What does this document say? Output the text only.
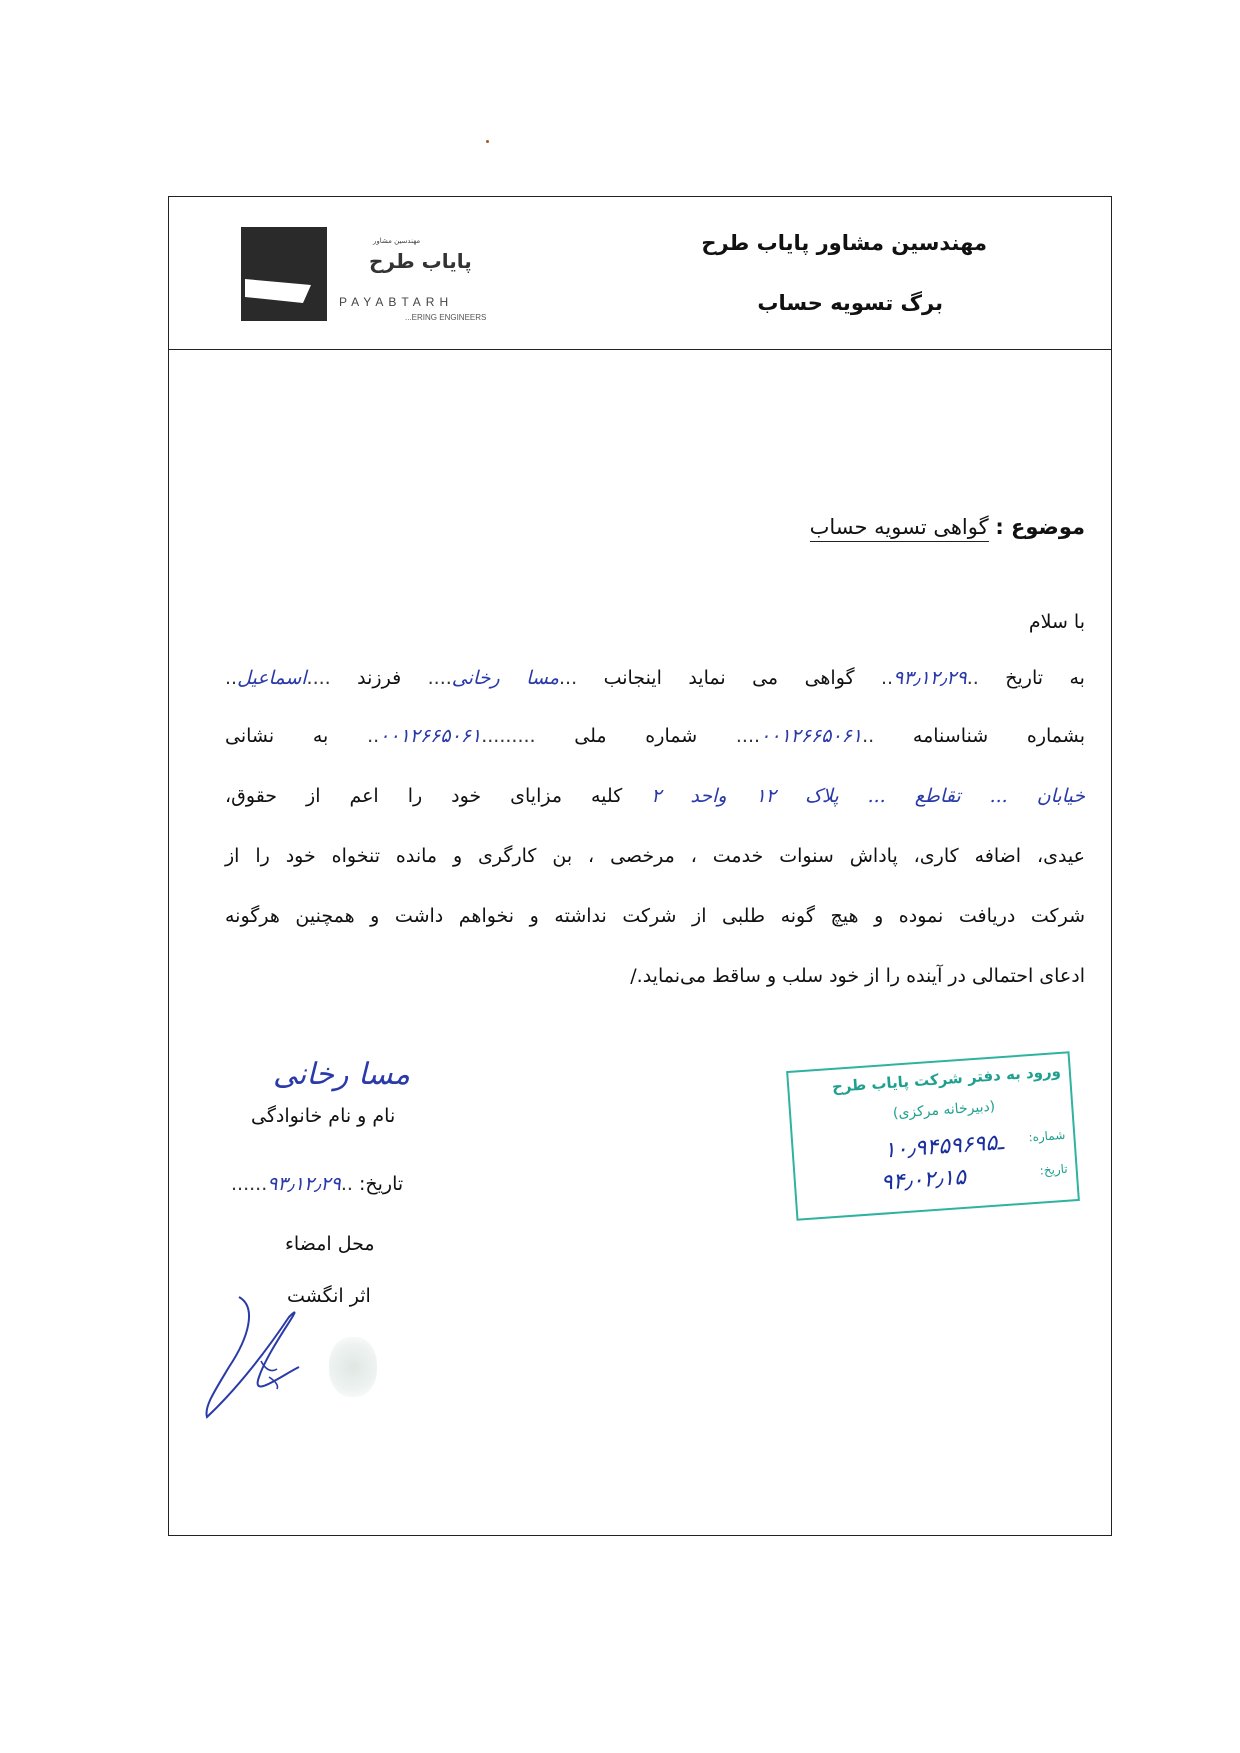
مهندسین مشاور پایاب طرح
برگ تسویه حساب
مهندسین مشاور
پایاب طرح
PAYABTARH
...ERING ENGINEERS
موضوع : گواهی تسویه حساب
با سلام
به تاریخ ..۹۳٫۱۲٫۲۹.. گواهی می نماید اینجانب ...مسا رخانی.... فرزند ....اسماعیل..
بشماره شناسنامه ..۰۰۱۲۶۶۵۰۶۱.... شماره ملی .........۰۰۱۲۶۶۵۰۶۱.. به نشانی
خیابان ... تقاطع ... پلاک ۱۲ واحد ۲ کلیه مزایای خود را اعم از حقوق،
عیدی، اضافه کاری، پاداش سنوات خدمت ، مرخصی ، بن کارگری و مانده تنخواه خود را از
شرکت دریافت نموده و هیچ گونه طلبی از شرکت نداشته و نخواهم داشت و همچنین هرگونه
ادعای احتمالی در آینده را از خود سلب و ساقط می‌نماید./
مسا رخانی
نام و نام خانوادگی
تاریخ: ..۹۳٫۱۲٫۲۹......
محل امضاء
اثر انگشت
ورود به دفتر شرکت پایاب طرح
(دبیرخانه مرکزی)
شماره:
۱۰٫۹۴ـ۵۹۶۹۵
تاریخ:
۹۴٫۰۲٫۱۵
